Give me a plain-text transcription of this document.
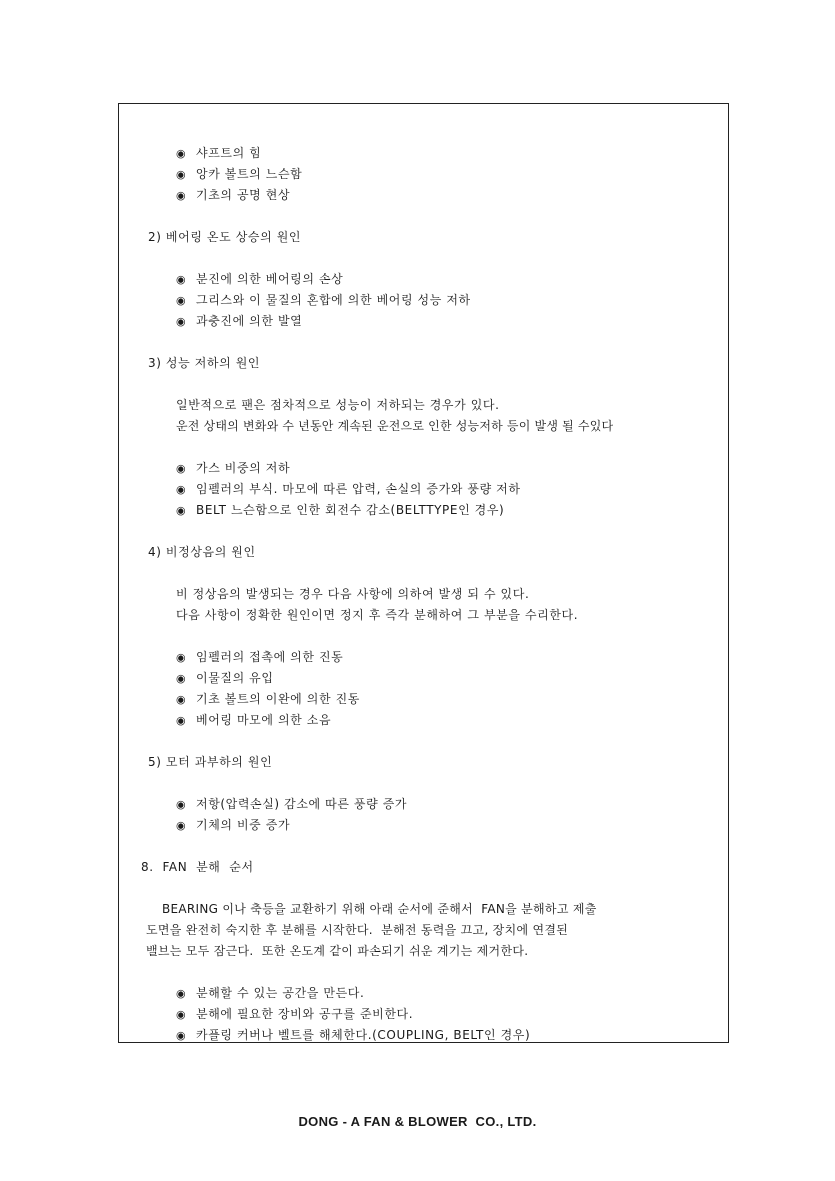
◉ 샤프트의 힘
◉ 앙카 볼트의 느슨함
◉ 기초의 공명 현상
2) 베어링 온도 상승의 원인
◉ 분진에 의한 베어링의 손상
◉ 그리스와 이 물질의 혼합에 의한 베어링 성능 저하
◉ 과충진에 의한 발열
3) 성능 저하의 원인
일반적으로 팬은 점차적으로 성능이 저하되는 경우가 있다.
운전 상태의 변화와 수 년동안 계속된 운전으로 인한 성능저하 등이 발생 될 수있다
◉ 가스 비중의 저하
◉ 임펠러의 부식. 마모에 따른 압력, 손실의 증가와 풍량 저하
◉ BELT 느슨함으로 인한 회전수 감소(BELTTYPE인 경우)
4) 비정상음의 원인
비 정상음의 발생되는 경우 다음 사항에 의하여 발생 되 수 있다.
다음 사항이 정확한 원인이면 정지 후 즉각 분해하여 그 부분을 수리한다.
◉ 임펠러의 접촉에 의한 진동
◉ 이물질의 유입
◉ 기초 볼트의 이완에 의한 진동
◉ 베어링 마모에 의한 소음
5) 모터 과부하의 원인
◉ 저항(압력손실) 감소에 따른 풍량 증가
◉ 기체의 비중 증가
8.  FAN  분해  순서
BEARING 이나 축등을 교환하기 위해 아래 순서에 준해서  FAN을 분해하고 제출
도면을 완전히 숙지한 후 분해를 시작한다.  분해전 동력을 끄고, 장치에 연결된
밸브는 모두 잠근다.  또한 온도계 같이 파손되기 쉬운 계기는 제거한다.
◉ 분해할 수 있는 공간을 만든다.
◉ 분해에 필요한 장비와 공구를 준비한다.
◉ 카플링 커버나 벨트를 해체한다.(COUPLING, BELT인 경우)
DONG - A FAN & BLOWER  CO., LTD.
